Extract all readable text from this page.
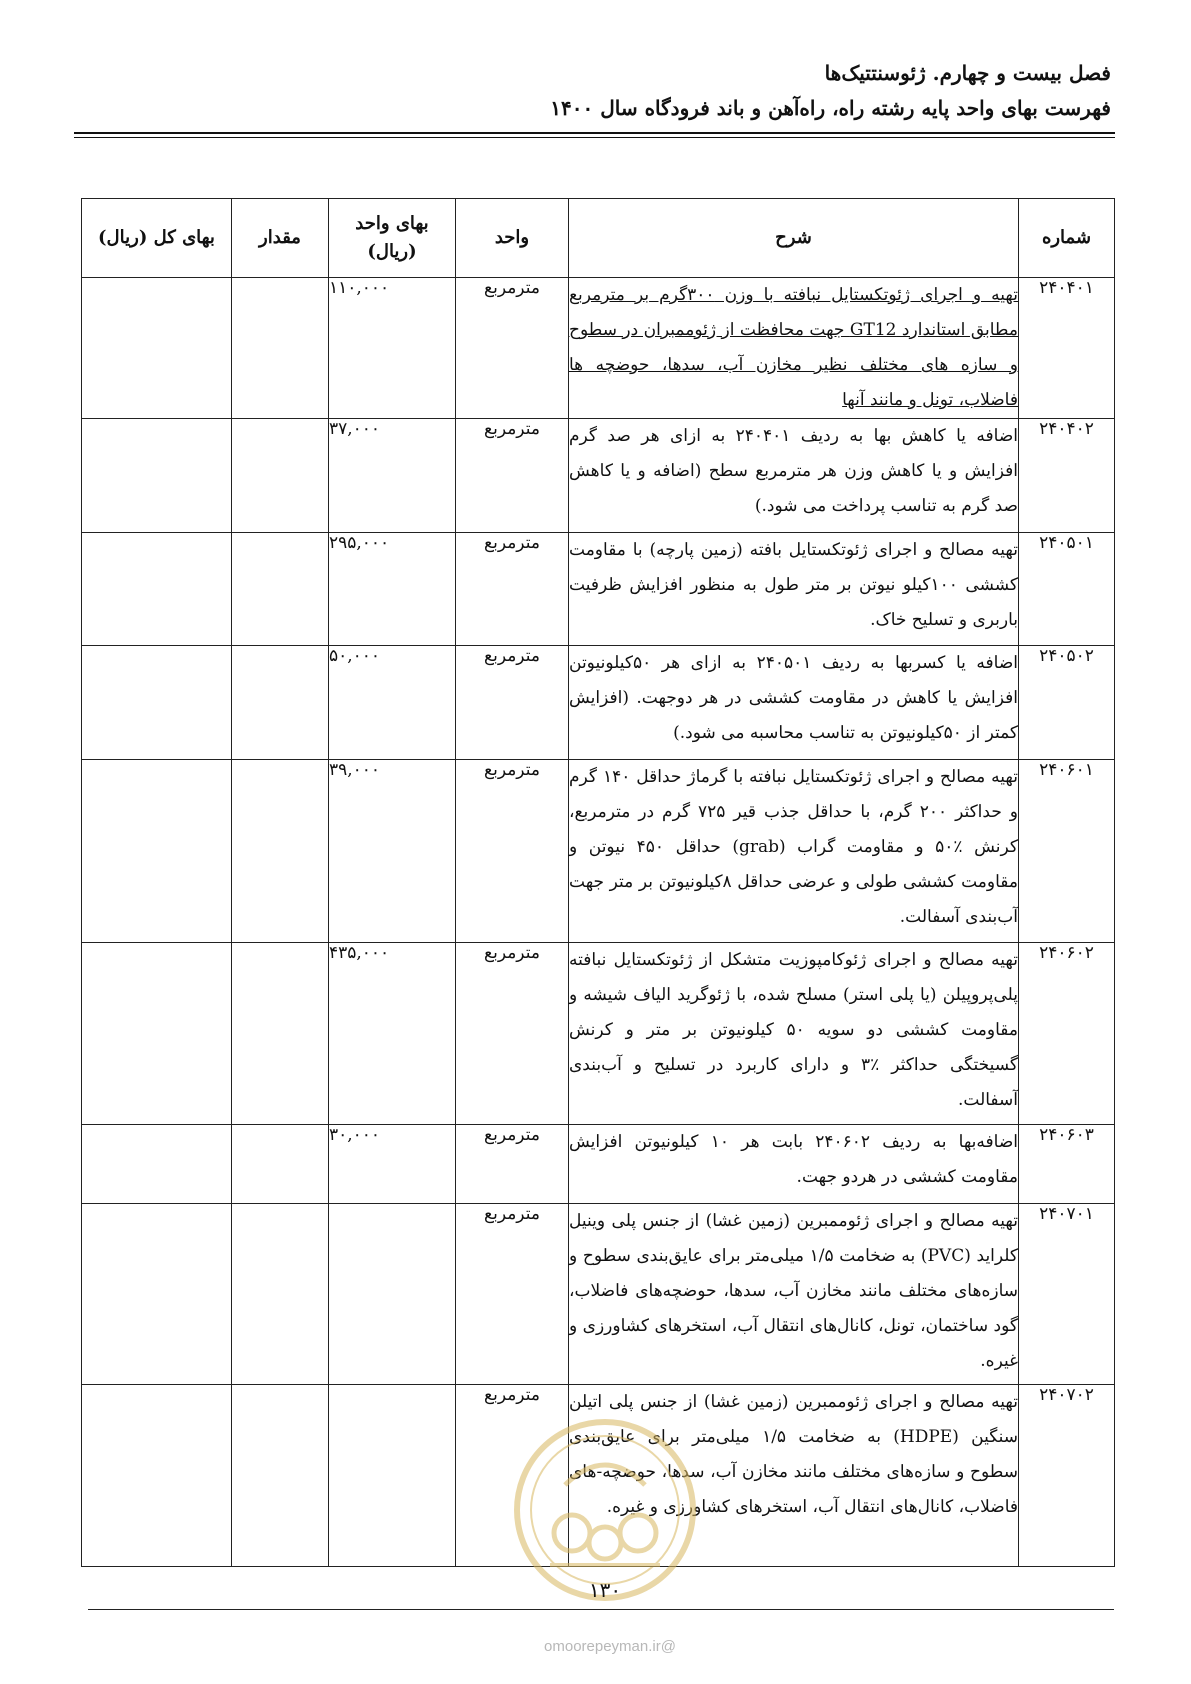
فصل بیست و چهارم. ژئوسنتتیک‌ها
فهرست بهای واحد پایه رشته راه، راه‌آهن و باند فرودگاه سال ۱۴۰۰
شماره	شرح	واحد	بهای واحد (ریال)	مقدار	بهای کل (ریال)
۲۴۰۴۰۱	تهیه و اجرای ژئوتکستایل نبافته با وزن ۳۰۰گرم بر مترمربع مطابق استاندارد GT12 جهت محافظت از ژئوممبران در سطوح و سازه های مختلف نظیر مخازن آب، سدها، حوضچه ها فاضلاب، تونل و مانند آنها	مترمربع	۱۱۰,۰۰۰		
۲۴۰۴۰۲	اضافه یا کاهش بها به ردیف ۲۴۰۴۰۱ به ازای هر صد گرم افزایش و یا کاهش وزن هر مترمربع سطح (اضافه و یا کاهش صد گرم به تناسب پرداخت می شود.)	مترمربع	۳۷,۰۰۰		
۲۴۰۵۰۱	تهیه مصالح و اجرای ژئوتکستایل بافته (زمین پارچه) با مقاومت کششی ۱۰۰کیلو نیوتن بر متر طول به منظور افزایش ظرفیت باربری و تسلیح خاک.	مترمربع	۲۹۵,۰۰۰		
۲۴۰۵۰۲	اضافه یا کسربها به ردیف ۲۴۰۵۰۱ به ازای هر ۵۰کیلونیوتن افزایش یا کاهش در مقاومت کششی در هر دوجهت. (افزایش کمتر از ۵۰کیلونیوتن به تناسب محاسبه می شود.)	مترمربع	۵۰,۰۰۰		
۲۴۰۶۰۱	تهیه مصالح و اجرای ژئوتکستایل نبافته با گرماژ حداقل ۱۴۰ گرم و حداکثر ۲۰۰ گرم، با حداقل جذب قیر ۷۲۵ گرم در مترمربع، کرنش ٪۵۰ و مقاومت گراب (grab) حداقل ۴۵۰ نیوتن و مقاومت کششی طولی و عرضی حداقل ۸کیلونیوتن بر متر جهت آب‌بندی آسفالت.	مترمربع	۳۹,۰۰۰		
۲۴۰۶۰۲	تهیه مصالح و اجرای ژئوکامپوزیت متشکل از ژئوتکستایل نبافته پلی‌پروپیلن (یا پلی استر) مسلح شده، با ژئوگرید الیاف شیشه و مقاومت کششی دو سویه ۵۰ کیلونیوتن بر متر و کرنش گسیختگی حداکثر ٪۳ و دارای کاربرد در تسلیح و آب‌بندی آسفالت.	مترمربع	۴۳۵,۰۰۰		
۲۴۰۶۰۳	اضافه‌بها به ردیف ۲۴۰۶۰۲ بابت هر ۱۰ کیلونیوتن افزایش مقاومت کششی در هردو جهت.	مترمربع	۳۰,۰۰۰		
۲۴۰۷۰۱	تهیه مصالح و اجرای ژئوممبرین (زمین غشا) از جنس پلی وینیل کلراید (PVC) به ضخامت ۱/۵ میلی‌متر برای عایق‌بندی سطوح و سازه‌های مختلف مانند مخازن آب، سدها، حوضچه‌های فاضلاب، گود ساختمان، تونل، کانال‌های انتقال آب، استخرهای کشاورزی و غیره.	مترمربع			
۲۴۰۷۰۲	تهیه مصالح و اجرای ژئوممبرین (زمین غشا) از جنس پلی اتیلن سنگین (HDPE) به ضخامت ۱/۵ میلی‌متر برای عایق‌بندی سطوح و سازه‌های مختلف مانند مخازن آب، سدها، حوضچه-های فاضلاب، کانال‌های انتقال آب، استخرهای کشاورزی و غیره.	مترمربع			
۱۳۰
@omoorepeyman.ir
